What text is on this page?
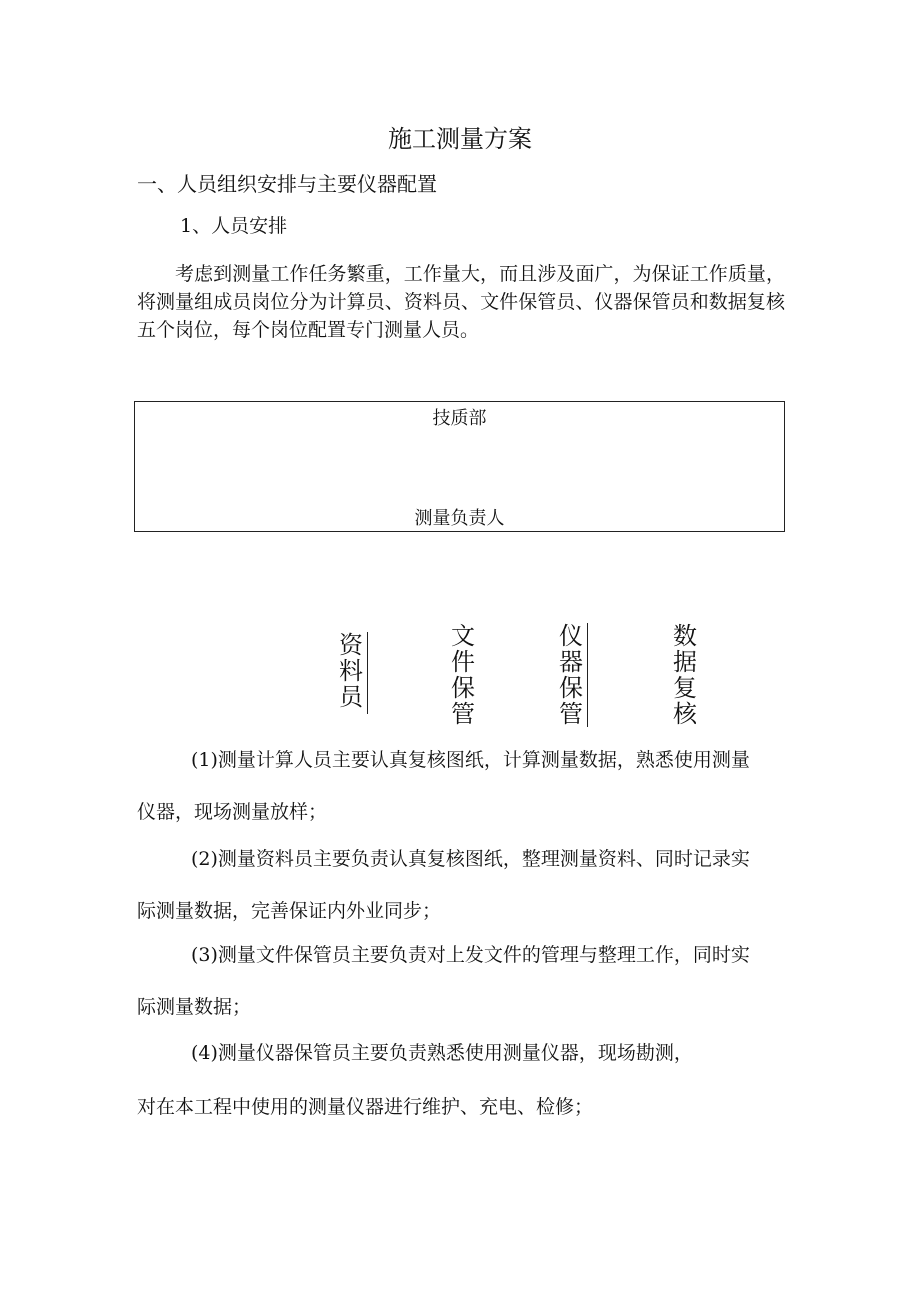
施工测量方案
一、人员组织安排与主要仪器配置
1、人员安排
考虑到测量工作任务繁重，工作量大，而且涉及面广，为保证工作质量，将测量组成员岗位分为计算员、资料员、文件保管员、仪器保管员和数据复核五个岗位，每个岗位配置专门测量人员。
技质部
测量负责人
资料员
文件保管
仪器保管
数据复核
(1)测量计算人员主要认真复核图纸，计算测量数据，熟悉使用测量
仪器，现场测量放样；
(2)测量资料员主要负责认真复核图纸，整理测量资料、同时记录实
际测量数据，完善保证内外业同步；
(3)测量文件保管员主要负责对上发文件的管理与整理工作，同时实
际测量数据；
(4)测量仪器保管员主要负责熟悉使用测量仪器，现场勘测，
对在本工程中使用的测量仪器进行维护、充电、检修；
